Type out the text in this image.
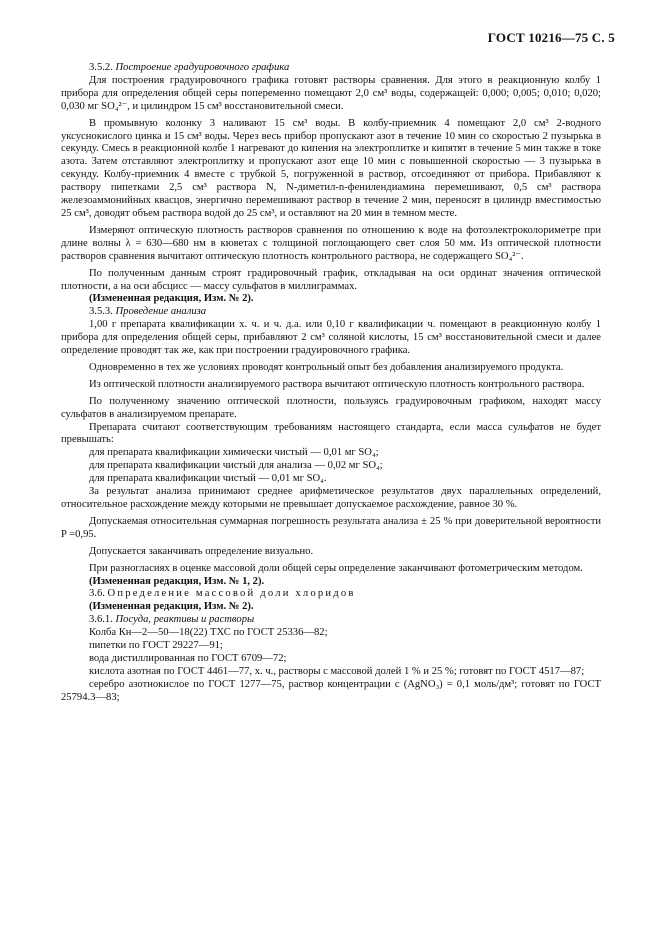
ГОСТ 10216—75 С. 5

3.5.2. Построение градуировочного графика

Для построения градуировочного графика готовят растворы сравнения. Для этого в реакционную колбу 1 прибора для определения общей серы попеременно помещают 2,0 см³ воды, содержащей: 0,000; 0,005; 0,010; 0,020; 0,030 мг SO₄²⁻, и цилиндром 15 см³ восстановительной смеси.

В промывную колонку 3 наливают 15 см³ воды. В колбу-приемник 4 помещают 2,0 см³ 2-водного уксуснокислого цинка и 15 см³ воды. Через весь прибор пропускают азот в течение 10 мин со скоростью 2 пузырька в секунду. Смесь в реакционной колбе 1 нагревают до кипения на электроплитке и кипятят в течение 5 мин также в токе азота. Затем отставляют электроплитку и пропускают азот еще 10 мин с повышенной скоростью — 3 пузырька в секунду. Колбу-приемник 4 вместе с трубкой 5, погруженной в раствор, отсоединяют от прибора. Прибавляют к раствору пипетками 2,5 см³ раствора N, N-диметил-n-фенилендиамина перемешивают, 0,5 см³ раствора железоаммонийных квасцов, энергично перемешивают раствор в течение 2 мин, переносят в цилиндр вместимостью 25 см³, доводят объем раствора водой до 25 см³, и оставляют на 20 мин в темном месте.

Измеряют оптическую плотность растворов сравнения по отношению к воде на фотоэлектроколориметре при длине волны λ = 630—680 нм в кюветах с толщиной поглощающего свет слоя 50 мм. Из оптической плотности растворов сравнения вычитают оптическую плотность контрольного раствора, не содержащего SO₄²⁻.

По полученным данным строят градировочный график, откладывая на оси ординат значения оптической плотности, а на оси абсцисс — массу сульфатов в миллиграммах.

(Измененная редакция, Изм. № 2).

3.5.3. Проведение анализа

1,00 г препарата квалификации х. ч. и ч. д.а. или 0,10 г квалификации ч. помещают в реакционную колбу 1 прибора для определения общей серы, прибавляют 2 см³ соляной кислоты, 15 см³ восстановительной смеси и далее определение проводят так же, как при построении градуировочного графика.

Одновременно в тех же условиях проводят контрольный опыт без добавления анализируемого продукта.

Из оптической плотности анализируемого раствора вычитают оптическую плотность контрольного раствора.

По полученному значению оптической плотности, пользуясь градуировочным графиком, находят массу сульфатов в анализируемом препарате.

Препарата считают соответствующим требованиям настоящего стандарта, если масса сульфатов не будет превышать:

для препарата квалификации химически чистый — 0,01 мг SO₄;

для препарата квалификации чистый для анализа — 0,02 мг SO₄;

для препарата квалификации чистый — 0,01 мг SO₄.

За результат анализа принимают среднее арифметическое результатов двух параллельных определений, относительное расхождение между которыми не превышает допускаемое расхождение, равное 30 %.

Допускаемая относительная суммарная погрешность результата анализа ± 25 % при доверительной вероятности P =0,95.

Допускается заканчивать определение визуально.

При разногласиях в оценке массовой доли общей серы определение заканчивают фотометрическим методом.

(Измененная редакция, Изм. № 1, 2).

3.6. Определение массовой доли хлоридов

(Измененная редакция, Изм. № 2).

3.6.1. Посуда, реактивы и растворы

Колба Кн—2—50—18(22) ТХС по ГОСТ 25336—82;

пипетки по ГОСТ 29227—91;

вода дистиллированная по ГОСТ 6709—72;

кислота азотная по ГОСТ 4461—77, х. ч., растворы с массовой долей 1 % и 25 %; готовят по ГОСТ 4517—87;

серебро азотнокислое по ГОСТ 1277—75, раствор концентрации c (AgNO₃) = 0,1 моль/дм³; готовят по ГОСТ 25794.3—83;
